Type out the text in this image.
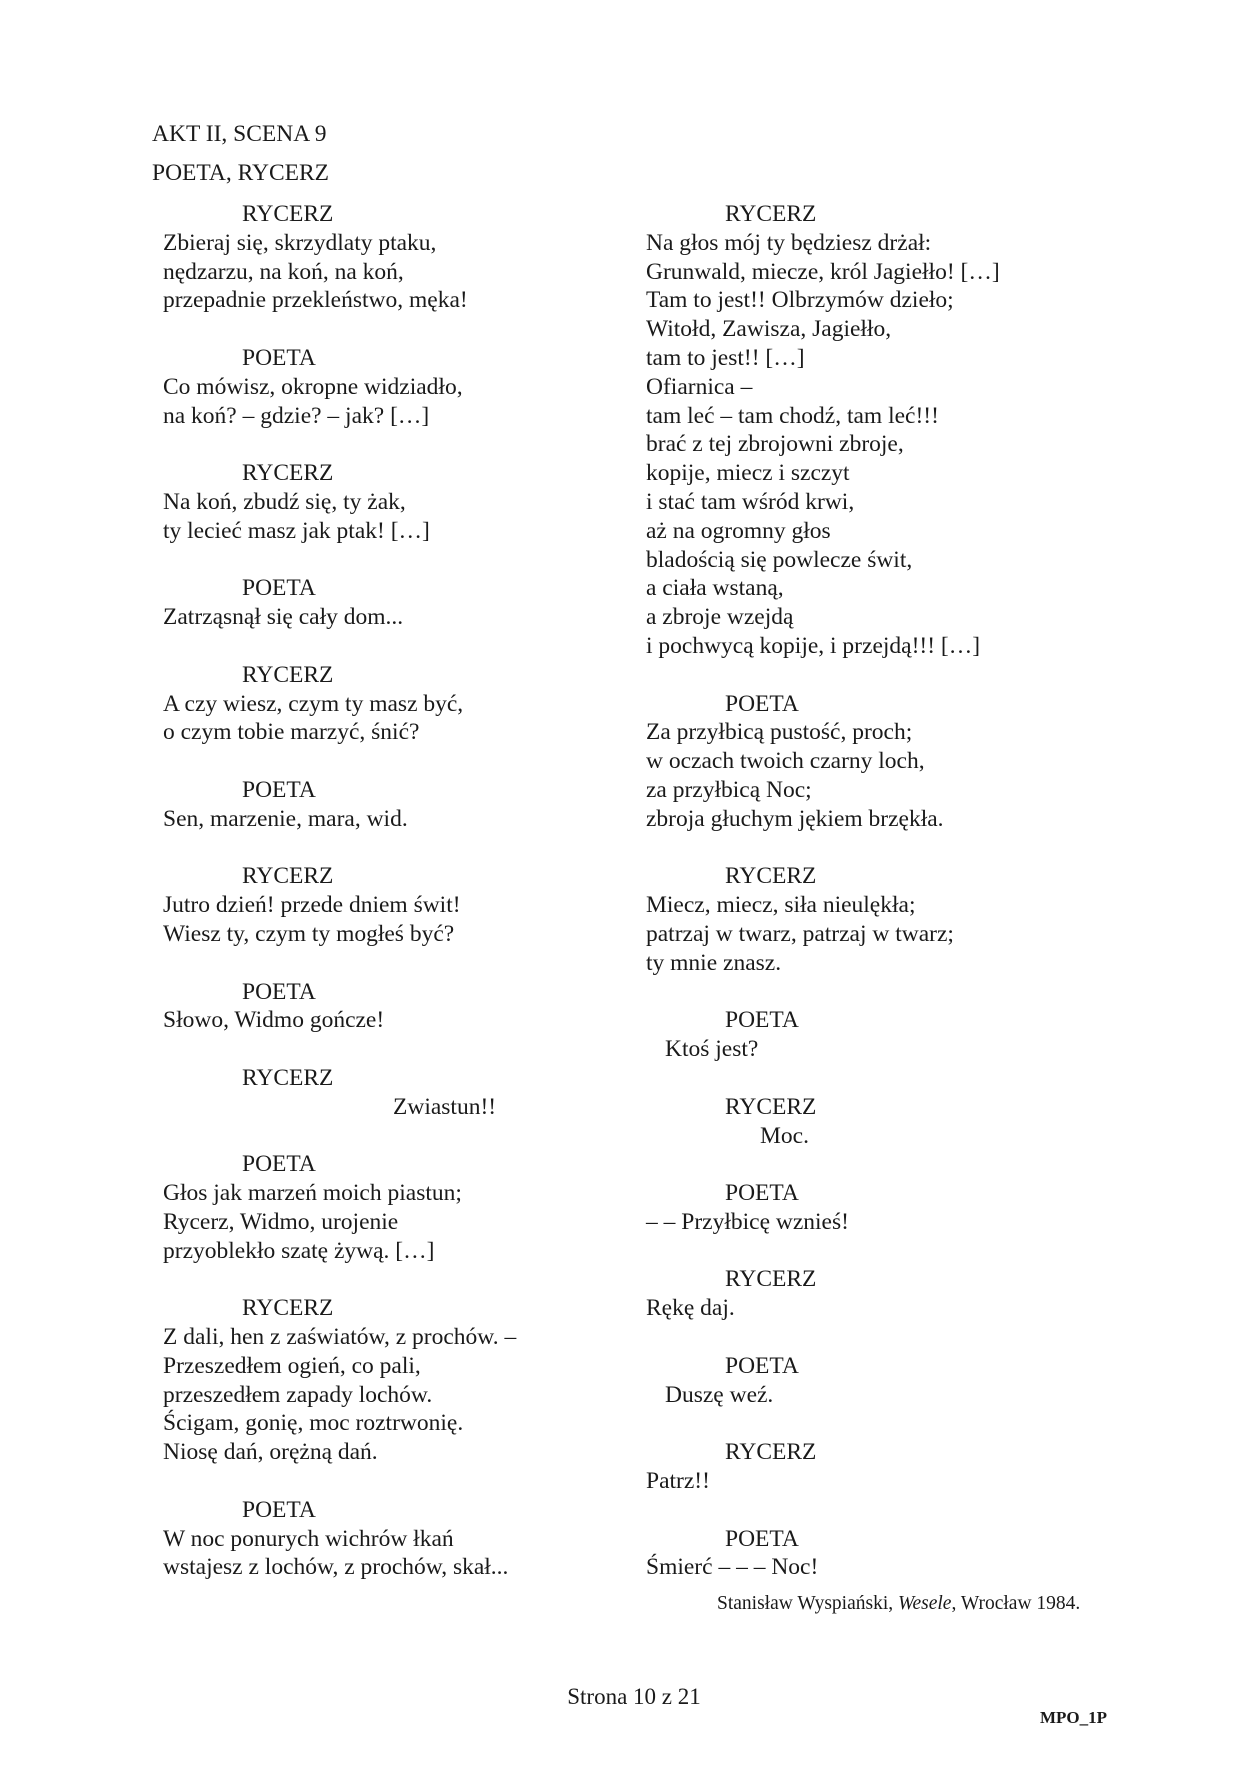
AKT II, SCENA 9
POETA, RYCERZ
RYCERZ
Zbieraj się, skrzydlaty ptaku,
nędzarzu, na koń, na koń,
przepadnie przekleństwo, męka!
POETA
Co mówisz, okropne widziadło,
na koń? – gdzie? – jak? […]
RYCERZ
Na koń, zbudź się, ty żak,
ty lecieć masz jak ptak! […]
POETA
Zatrząsnął się cały dom...
RYCERZ
A czy wiesz, czym ty masz być,
o czym tobie marzyć, śnić?
POETA
Sen, marzenie, mara, wid.
RYCERZ
Jutro dzień! przede dniem świt!
Wiesz ty, czym ty mogłeś być?
POETA
Słowo, Widmo gończe!
RYCERZ
Zwiastun!!
POETA
Głos jak marzeń moich piastun;
Rycerz, Widmo, urojenie
przyoblekło szatę żywą. […]
RYCERZ
Z dali, hen z zaświatów, z prochów. –
Przeszedłem ogień, co pali,
przeszedłem zapady lochów.
Ścigam, gonię, moc roztrwonię.
Niosę dań, orężną dań.
POETA
W noc ponurych wichrów łkań
wstajesz z lochów, z prochów, skał...
RYCERZ
Na głos mój ty będziesz drżał:
Grunwald, miecze, król Jagiełło! […]
Tam to jest!! Olbrzymów dzieło;
Witołd, Zawisza, Jagiełło,
tam to jest!! […]
Ofiarnica –
tam leć – tam chodź, tam leć!!!
brać z tej zbrojowni zbroje,
kopije, miecz i szczyt
i stać tam wśród krwi,
aż na ogromny głos
bladością się powlecze świt,
a ciała wstaną,
a zbroje wzejdą
i pochwycą kopije, i przejdą!!! […]
POETA
Za przyłbicą pustość, proch;
w oczach twoich czarny loch,
za przyłbicą Noc;
zbroja głuchym jękiem brzękła.
RYCERZ
Miecz, miecz, siła nieulękła;
patrzaj w twarz, patrzaj w twarz;
ty mnie znasz.
POETA
Ktoś jest?
RYCERZ
Moc.
POETA
– – Przyłbicę wznieś!
RYCERZ
Rękę daj.
POETA
Duszę weź.
RYCERZ
Patrz!!
POETA
Śmierć – – – Noc!
Stanisław Wyspiański, Wesele, Wrocław 1984.
Strona 10 z 21
MPO_1P
